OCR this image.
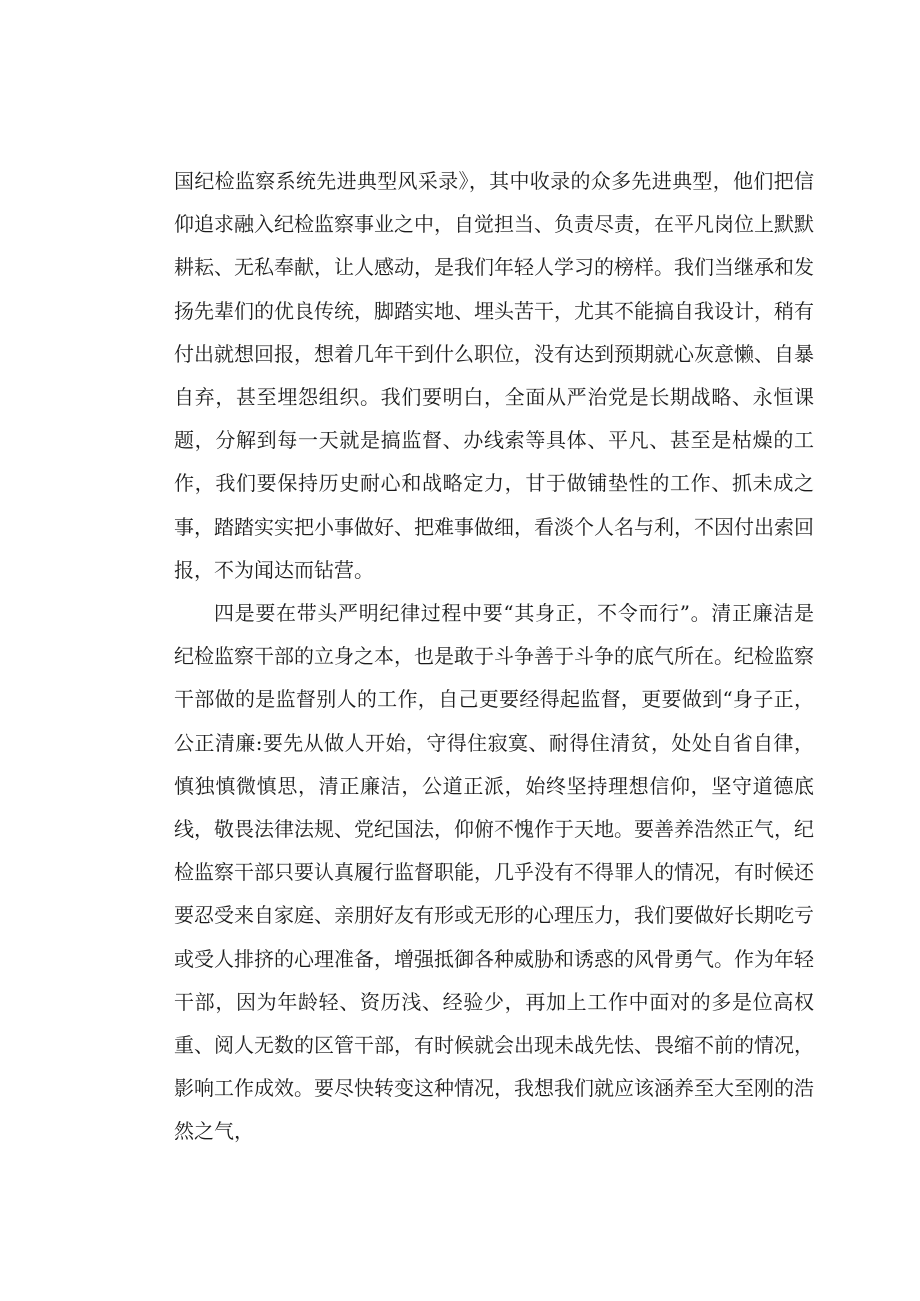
国纪检监察系统先进典型风采录》，其中收录的众多先进典型，他们把信仰追求融入纪检监察事业之中，自觉担当、负责尽责，在平凡岗位上默默耕耘、无私奉献，让人感动，是我们年轻人学习的榜样。我们当继承和发扬先辈们的优良传统，脚踏实地、埋头苦干，尤其不能搞自我设计，稍有付出就想回报，想着几年干到什么职位，没有达到预期就心灰意懒、自暴自弃，甚至埋怨组织。我们要明白，全面从严治党是长期战略、永恒课题，分解到每一天就是搞监督、办线索等具体、平凡、甚至是枯燥的工作，我们要保持历史耐心和战略定力，甘于做铺垫性的工作、抓未成之事，踏踏实实把小事做好、把难事做细，看淡个人名与利，不因付出索回报，不为闻达而钻营。

四是要在带头严明纪律过程中要“其身正，不令而行”。清正廉洁是纪检监察干部的立身之本，也是敢于斗争善于斗争的底气所在。纪检监察干部做的是监督别人的工作，自己更要经得起监督，更要做到“身子正，公正清廉:要先从做人开始，守得住寂寞、耐得住清贫，处处自省自律，慎独慎微慎思，清正廉洁，公道正派，始终坚持理想信仰，坚守道德底线，敬畏法律法规、党纪国法，仰俯不愧作于天地。要善养浩然正气，纪检监察干部只要认真履行监督职能，几乎没有不得罪人的情况，有时候还要忍受来自家庭、亲朋好友有形或无形的心理压力，我们要做好长期吃亏或受人排挤的心理准备，增强抵御各种威胁和诱惑的风骨勇气。作为年轻干部，因为年龄轻、资历浅、经验少，再加上工作中面对的多是位高权重、阅人无数的区管干部，有时候就会出现未战先怯、畏缩不前的情况，影响工作成效。要尽快转变这种情况，我想我们就应该涵养至大至刚的浩然之气，
